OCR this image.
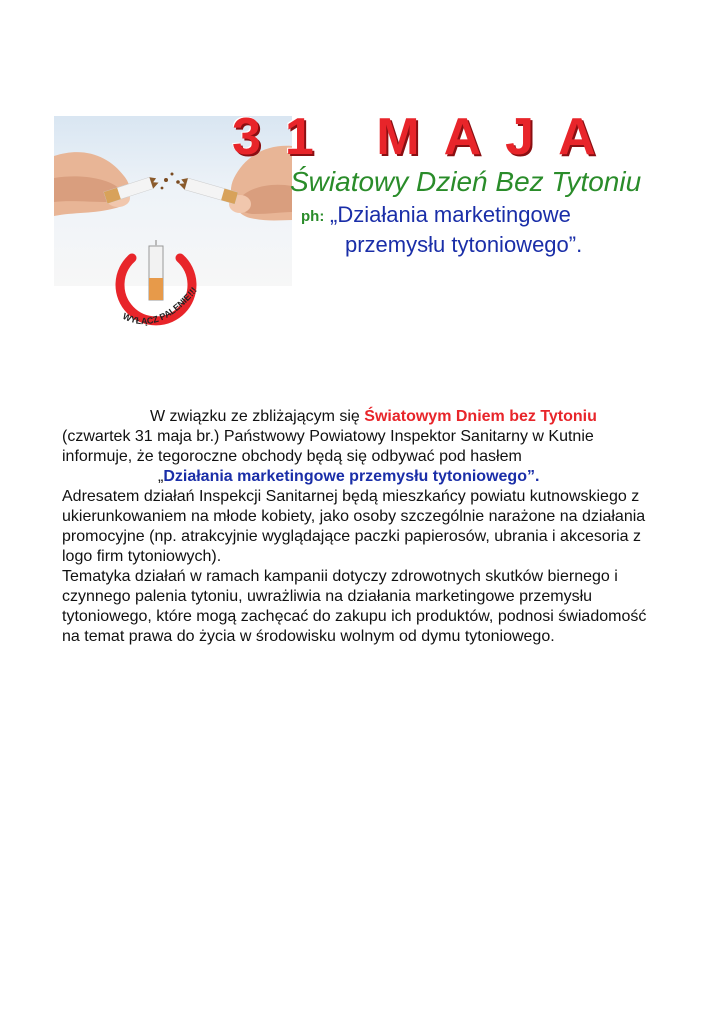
WYŁĄCZ PALENIE!!!
31 MAJA
Światowy Dzień Bez Tytoniu
ph: „Działania marketingowe
przemysłu tytoniowego”.
W związku ze zbliżającym się Światowym Dniem bez Tytoniu
(czwartek 31 maja br.) Państwowy Powiatowy Inspektor Sanitarny w Kutnie
informuje, że tegoroczne obchody będą się odbywać pod hasłem
„Działania marketingowe przemysłu tytoniowego”.
Adresatem działań Inspekcji Sanitarnej będą mieszkańcy powiatu kutnowskiego z
ukierunkowaniem na młode kobiety, jako osoby szczególnie narażone na działania
promocyjne (np. atrakcyjnie wyglądające paczki papierosów, ubrania i akcesoria z
logo firm tytoniowych).
Tematyka działań w ramach kampanii dotyczy zdrowotnych skutków biernego i
czynnego palenia tytoniu, uwrażliwia na działania marketingowe przemysłu
tytoniowego, które mogą zachęcać do zakupu ich produktów, podnosi świadomość
na temat prawa do życia w środowisku wolnym od dymu tytoniowego.
